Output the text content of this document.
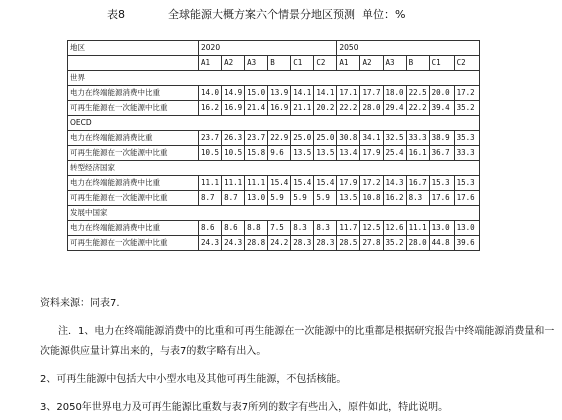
表8	全球能源大概方案六个情景分地区预测 单位：%
地区	2020						2050					
	A1	A2	A3	B	C1	C2	A1	A2	A3	B	C1	C2
世界												
电力在终端能源消费中比重	14.0	14.9	15.0	13.9	14.1	14.1	17.1	17.7	18.0	22.5	20.0	17.2
可再生能源在一次能源中比重	16.2	16.9	21.4	16.9	21.1	20.2	22.2	28.0	29.4	22.2	39.4	35.2
OECD												
电力在终端能源消费比重	23.7	26.3	23.7	22.9	25.0	25.0	30.8	34.1	32.5	33.3	38.9	35.3
可再生能源在一次能源中比重	10.5	10.5	15.8	9.6	13.5	13.5	13.4	17.9	25.4	16.1	36.7	33.3
转型经济国家												
电力在终端能源消费中比重	11.1	11.1	11.1	15.4	15.4	15.4	17.9	17.2	14.3	16.7	15.3	15.3
可再生能源在一次能源中比重	8.7	8.7	13.0	5.9	5.9	5.9	13.5	10.8	16.2	8.3	17.6	17.6
发展中国家												
电力在终端能源消费中比重	8.6	8.6	8.8	7.5	8.3	8.3	11.7	12.5	12.6	11.1	13.0	13.0
可再生能源在一次能源中比重	24.3	24.3	28.8	24.2	28.3	28.3	28.5	27.8	35.2	28.0	44.8	39.6

资料来源：同表7.

注．1、电力在终端能源消费中的比重和可再生能源在一次能源中的比重都是根据研究报告中终端能源消费量和一次能源供应量计算出来的，与表7的数字略有出入。

2、可再生能源中包括大中小型水电及其他可再生能源，不包括核能。

3、2050年世界电力及可再生能源比重数与表7所列的数字有些出入，原件如此，特此说明。
